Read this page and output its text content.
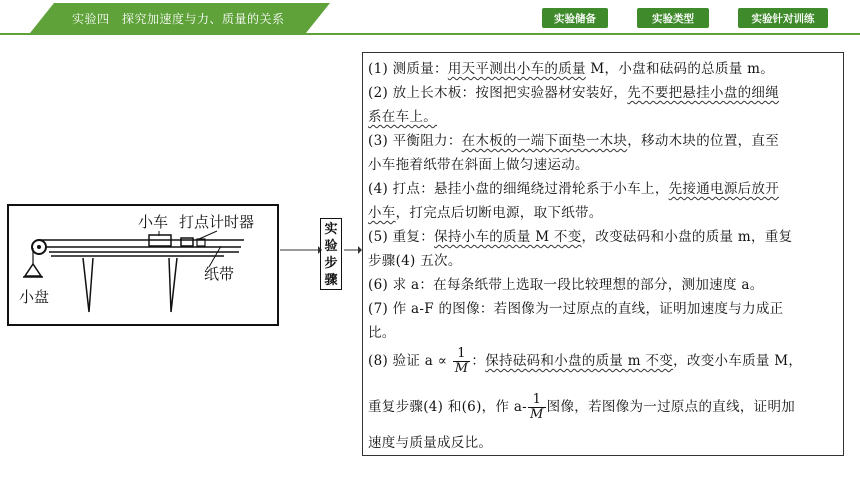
实验四　探究加速度与力、质量的关系	实验储备	实验类型	实验针对训练
小车 打点计时器
纸带
小盘
实
验
步
骤
(1) 测质量：用天平测出小车的质量 M，小盘和砝码的总质量 m。
(2) 放上长木板：按图把实验器材安装好，先不要把悬挂小盘的细绳
系在车上。
(3) 平衡阻力：在木板的一端下面垫一木块，移动木块的位置，直至
小车拖着纸带在斜面上做匀速运动。
(4) 打点：悬挂小盘的细绳绕过滑轮系于小车上，先接通电源后放开
小车，打完点后切断电源，取下纸带。
(5) 重复：保持小车的质量 M 不变，改变砝码和小盘的质量 m，重复
步骤(4) 五次。
(6) 求 a：在每条纸带上选取一段比较理想的部分，测加速度 a。
(7) 作 a-F 的图像：若图像为一过原点的直线，证明加速度与力成正
比。
(8) 验证 $a \propto \frac{1}{M}$ ：保持砝码和小盘的质量 m 不变，改变小车质量 M，
重复步骤(4) 和(6)，作 $a- \frac{1}{M}$ 图像，若图像为一过原点的直线，证明加
速度与质量成反比。
